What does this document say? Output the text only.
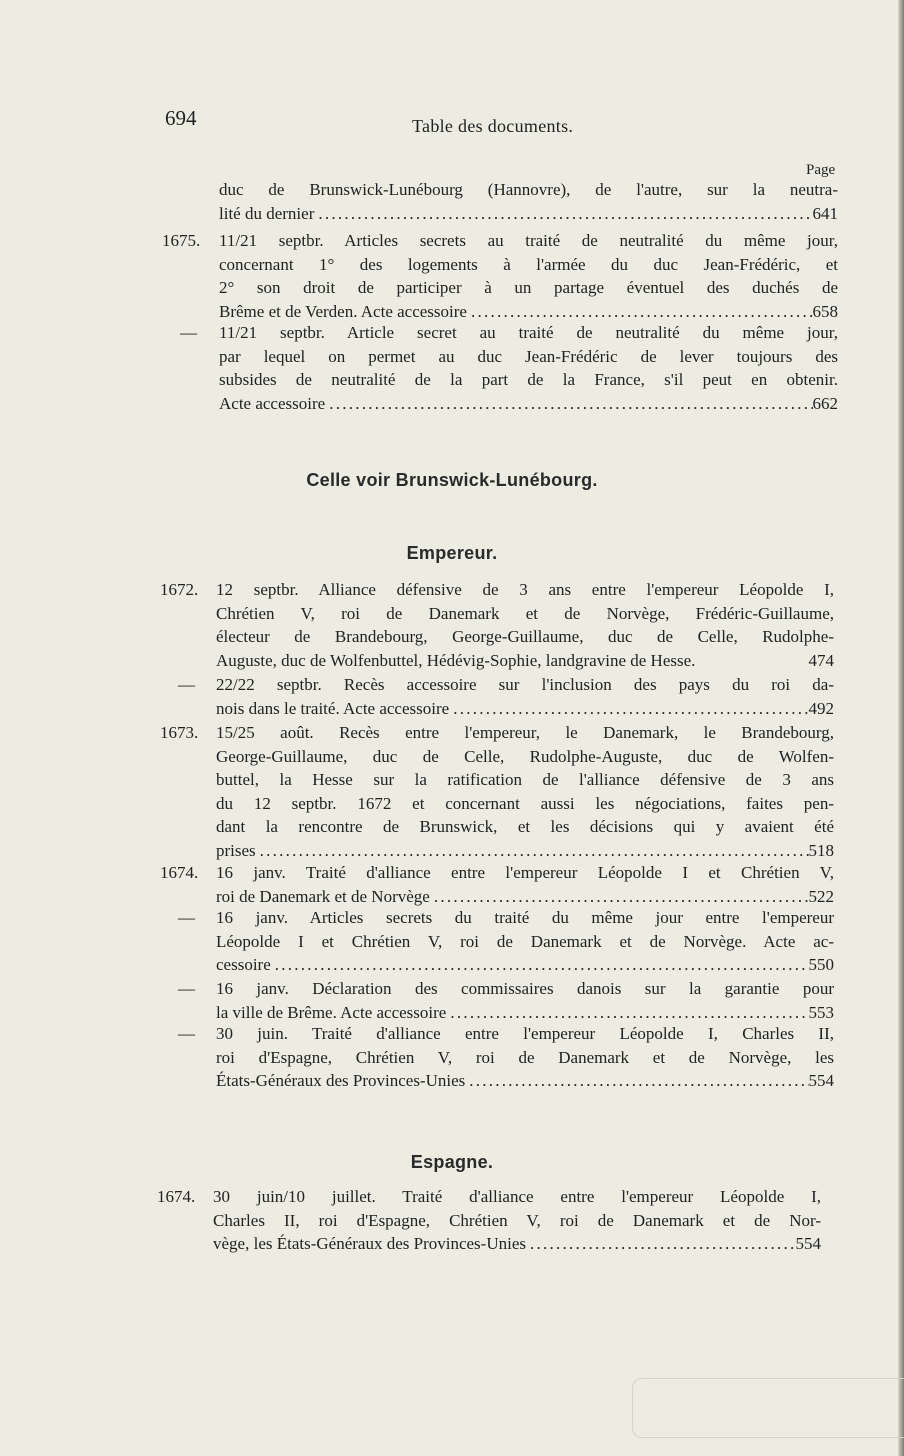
694	Table des documents.
Page
duc de Brunswick-Lunébourg (Hannovre), de l'autre, sur la neutra-
lité du dernier . . .	641
1675. 11/21 septbr. Articles secrets au traité de neutralité du même jour,
concernant 1° des logements à l'armée du duc Jean-Frédéric, et
2° son droit de participer à un partage éventuel des duchés de
Brême et de Verden. Acte accessoire . . .	658
— 11/21 septbr. Article secret au traité de neutralité du même jour,
par lequel on permet au duc Jean-Frédéric de lever toujours des
subsides de neutralité de la part de la France, s'il peut en obtenir.
Acte accessoire . . .	662
Celle voir Brunswick-Lunébourg.
Empereur.
1672. 12 septbr. Alliance défensive de 3 ans entre l'empereur Léopolde I,
Chrétien V, roi de Danemark et de Norvège, Frédéric-Guillaume,
électeur de Brandebourg, George-Guillaume, duc de Celle, Rudolphe-
Auguste, duc de Wolfenbuttel, Hédévig-Sophie, landgravine de Hesse.	474
— 22/22 septbr. Recès accessoire sur l'inclusion des pays du roi da-
nois dans le traité. Acte accessoire . . .	492
1673. 15/25 août. Recès entre l'empereur, le Danemark, le Brandebourg,
George-Guillaume, duc de Celle, Rudolphe-Auguste, duc de Wolfen-
buttel, la Hesse sur la ratification de l'alliance défensive de 3 ans
du 12 septbr. 1672 et concernant aussi les négociations, faites pen-
dant la rencontre de Brunswick, et les décisions qui y avaient été
prises . . .	518
1674. 16 janv. Traité d'alliance entre l'empereur Léopolde I et Chrétien V,
roi de Danemark et de Norvège . . .	522
— 16 janv. Articles secrets du traité du même jour entre l'empereur
Léopolde I et Chrétien V, roi de Danemark et de Norvège. Acte ac-
cessoire . . .	550
— 16 janv. Déclaration des commissaires danois sur la garantie pour
la ville de Brême. Acte accessoire . . .	553
— 30 juin. Traité d'alliance entre l'empereur Léopolde I, Charles II,
roi d'Espagne, Chrétien V, roi de Danemark et de Norvège, les
États-Généraux des Provinces-Unies . . .	554
Espagne.
1674. 30 juin/10 juillet. Traité d'alliance entre l'empereur Léopolde I,
Charles II, roi d'Espagne, Chrétien V, roi de Danemark et de Nor-
vège, les États-Généraux des Provinces-Unies . . .	554
